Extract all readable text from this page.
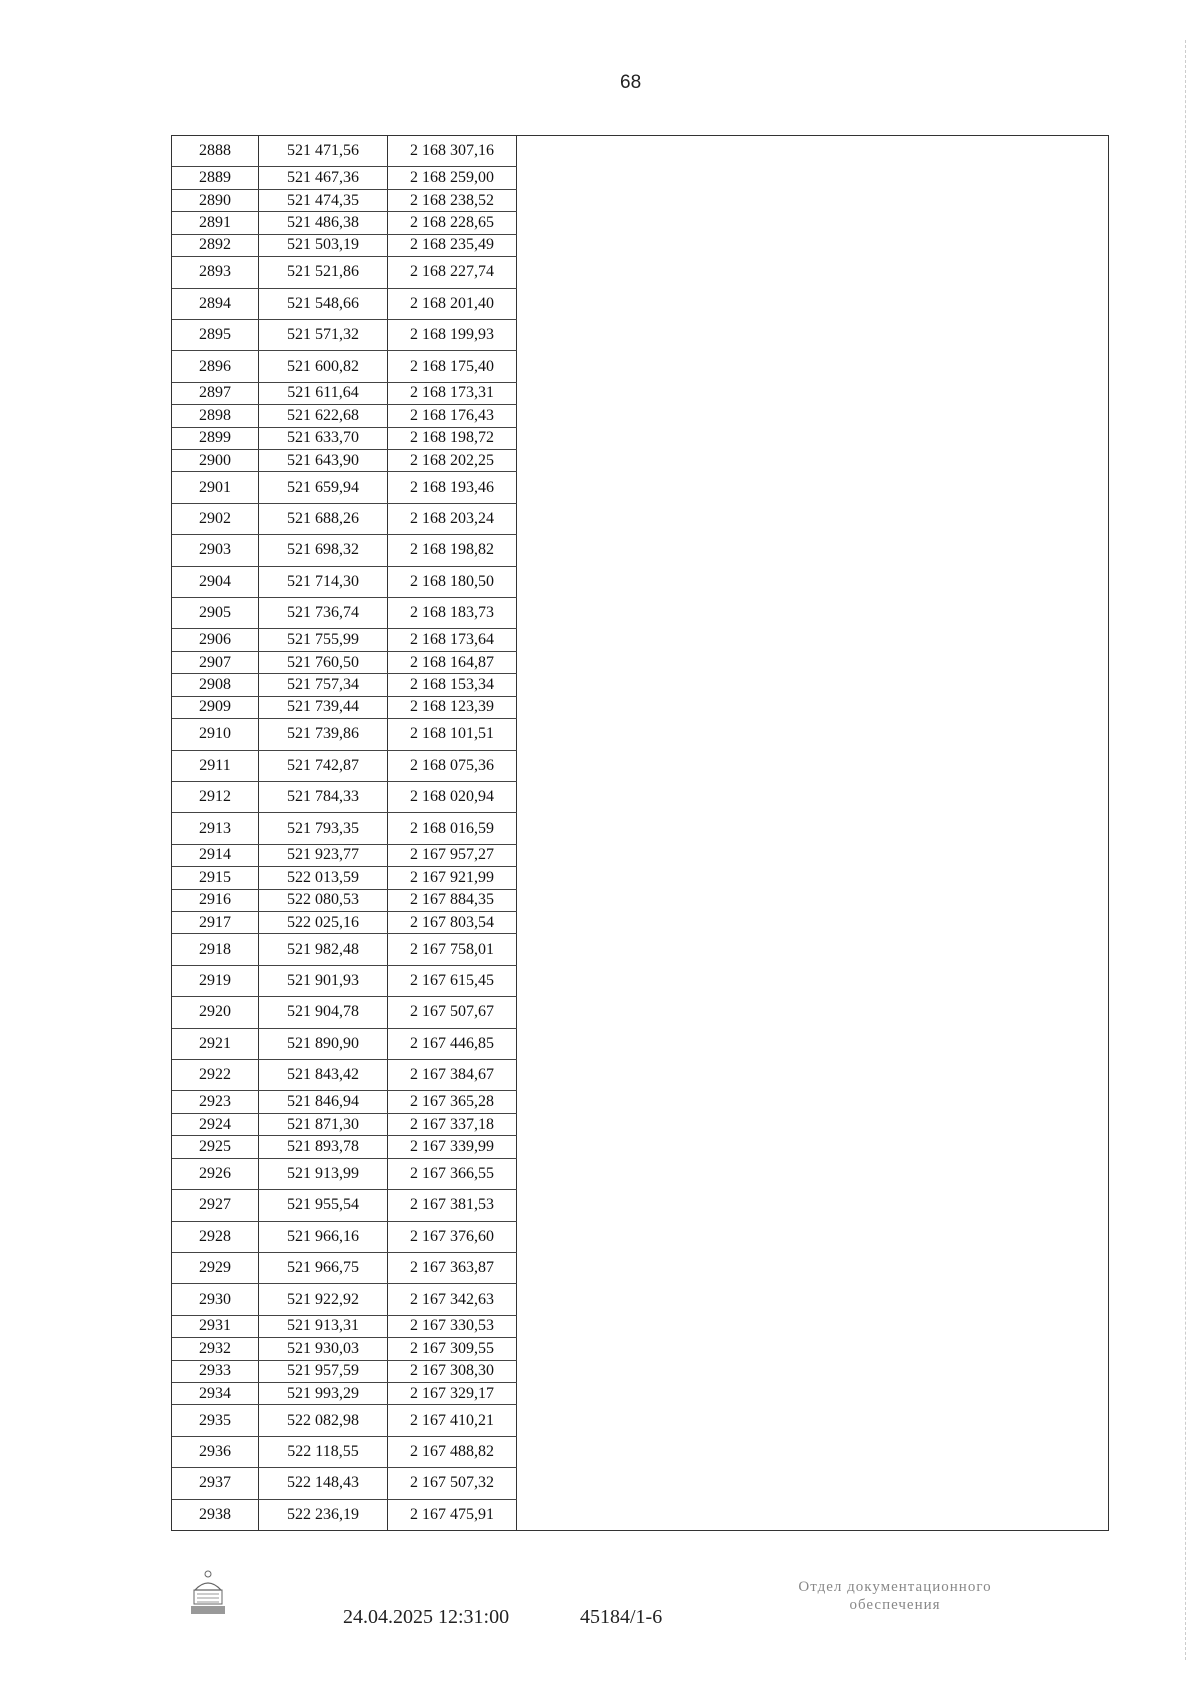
68
2888	521 471,56	2 168 307,16
2889	521 467,36	2 168 259,00
2890	521 474,35	2 168 238,52
2891	521 486,38	2 168 228,65
2892	521 503,19	2 168 235,49
2893	521 521,86	2 168 227,74
2894	521 548,66	2 168 201,40
2895	521 571,32	2 168 199,93
2896	521 600,82	2 168 175,40
2897	521 611,64	2 168 173,31
2898	521 622,68	2 168 176,43
2899	521 633,70	2 168 198,72
2900	521 643,90	2 168 202,25
2901	521 659,94	2 168 193,46
2902	521 688,26	2 168 203,24
2903	521 698,32	2 168 198,82
2904	521 714,30	2 168 180,50
2905	521 736,74	2 168 183,73
2906	521 755,99	2 168 173,64
2907	521 760,50	2 168 164,87
2908	521 757,34	2 168 153,34
2909	521 739,44	2 168 123,39
2910	521 739,86	2 168 101,51
2911	521 742,87	2 168 075,36
2912	521 784,33	2 168 020,94
2913	521 793,35	2 168 016,59
2914	521 923,77	2 167 957,27
2915	522 013,59	2 167 921,99
2916	522 080,53	2 167 884,35
2917	522 025,16	2 167 803,54
2918	521 982,48	2 167 758,01
2919	521 901,93	2 167 615,45
2920	521 904,78	2 167 507,67
2921	521 890,90	2 167 446,85
2922	521 843,42	2 167 384,67
2923	521 846,94	2 167 365,28
2924	521 871,30	2 167 337,18
2925	521 893,78	2 167 339,99
2926	521 913,99	2 167 366,55
2927	521 955,54	2 167 381,53
2928	521 966,16	2 167 376,60
2929	521 966,75	2 167 363,87
2930	521 922,92	2 167 342,63
2931	521 913,31	2 167 330,53
2932	521 930,03	2 167 309,55
2933	521 957,59	2 167 308,30
2934	521 993,29	2 167 329,17
2935	522 082,98	2 167 410,21
2936	522 118,55	2 167 488,82
2937	522 148,43	2 167 507,32
2938	522 236,19	2 167 475,91
24.04.2025 12:31:00	45184/1-6
Отдел документационного
обеспечения
